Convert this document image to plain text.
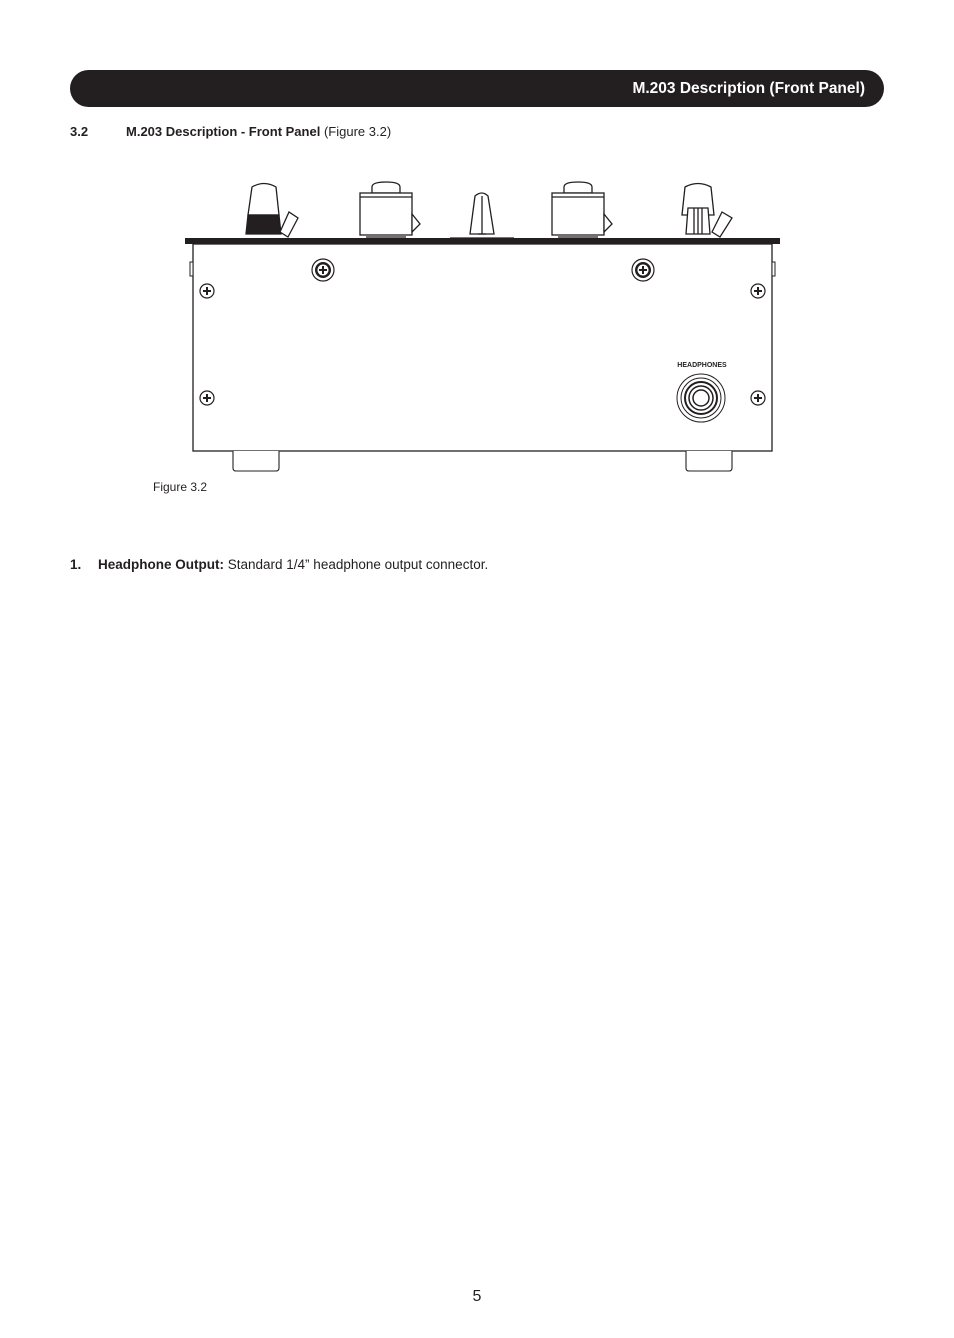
M.203 Description (Front Panel)
3.2	M.203 Description - Front Panel (Figure 3.2)
HEADPHONES
Figure 3.2
1. Headphone Output: Standard 1/4” headphone output connector.
5
